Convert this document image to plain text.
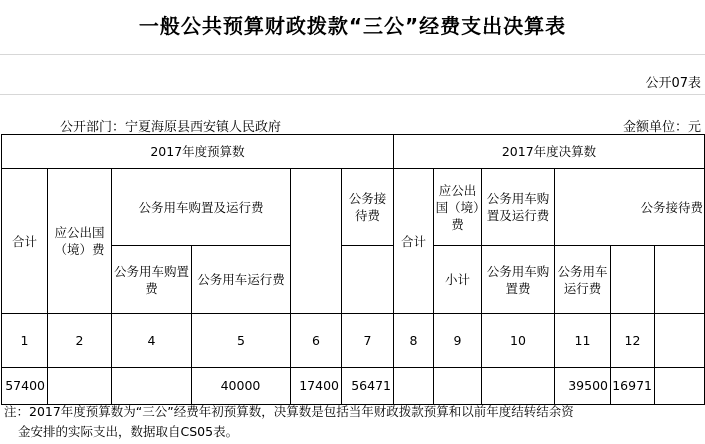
一般公共预算财政拨款“三公”经费支出决算表
公开07表
公开部门：宁夏海原县西安镇人民政府	金额单位：元
2017年度预算数						2017年度决算数					
合计	应公出国（境）费	公务用车购置及运行费			公务接待费	合计	应公出国（境）费	公务用车购置及运行费	公务接待费		
		公务用车购置费	公务用车运行费				小计	公务用车购置费	公务用车运行费		
1	2	4	5	6	7	8	9	10	11	12	
57400			40000	17400	56471				39500	16971	
注：2017年度预算数为“三公”经费年初预算数，决算数是包括当年财政拨款预算和以前年度结转结余资
金安排的实际支出，数据取自CS05表。
